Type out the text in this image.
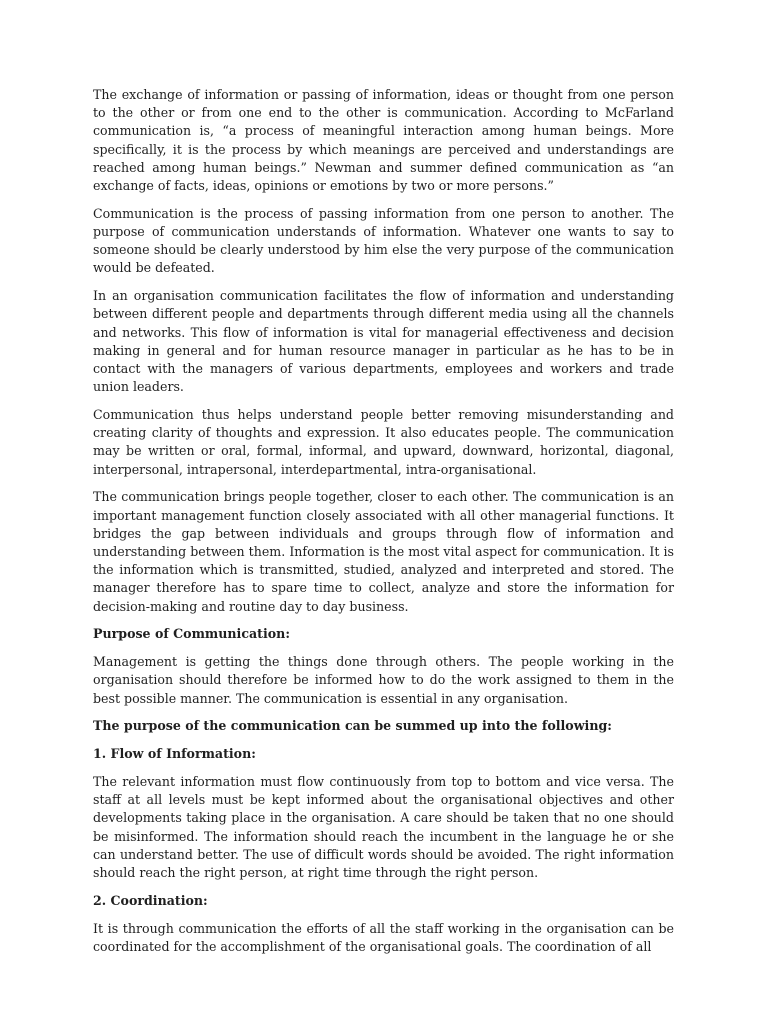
The exchange of information or passing of information, ideas or thought from one person to the other or from one end to the other is communication. According to McFarland communication is, “a process of meaningful interaction among human beings. More specifically, it is the process by which meanings are perceived and understandings are reached among human beings.” Newman and summer defined communication as “an exchange of facts, ideas, opinions or emotions by two or more persons.”

Communication is the process of passing information from one person to another. The purpose of communication understands of information. Whatever one wants to say to someone should be clearly understood by him else the very purpose of the communication would be defeated.

In an organisation communication facilitates the flow of information and understanding between different people and departments through different media using all the channels and networks. This flow of information is vital for managerial effectiveness and decision making in general and for human resource manager in particular as he has to be in contact with the managers of various departments, employees and workers and trade union leaders.

Communication thus helps understand people better removing misunderstanding and creating clarity of thoughts and expression. It also educates people. The communication may be written or oral, formal, informal, and upward, downward, horizontal, diagonal, interpersonal, intrapersonal, interdepartmental, intra-organisational.

The communication brings people together, closer to each other. The communication is an important management function closely associated with all other managerial functions. It bridges the gap between individuals and groups through flow of information and understanding between them. Information is the most vital aspect for communication. It is the information which is transmitted, studied, analyzed and interpreted and stored. The manager therefore has to spare time to collect, analyze and store the information for decision-making and routine day to day business.

Purpose of Communication:

Management is getting the things done through others. The people working in the organisation should therefore be informed how to do the work assigned to them in the best possible manner. The communication is essential in any organisation.

The purpose of the communication can be summed up into the following:

1. Flow of Information:

The relevant information must flow continuously from top to bottom and vice versa. The staff at all levels must be kept informed about the organisational objectives and other developments taking place in the organisation. A care should be taken that no one should be misinformed. The information should reach the incumbent in the language he or she can understand better. The use of difficult words should be avoided. The right information should reach the right person, at right time through the right person.

2. Coordination:

It is through communication the efforts of all the staff working in the organisation can be coordinated for the accomplishment of the organisational goals. The coordination of all
